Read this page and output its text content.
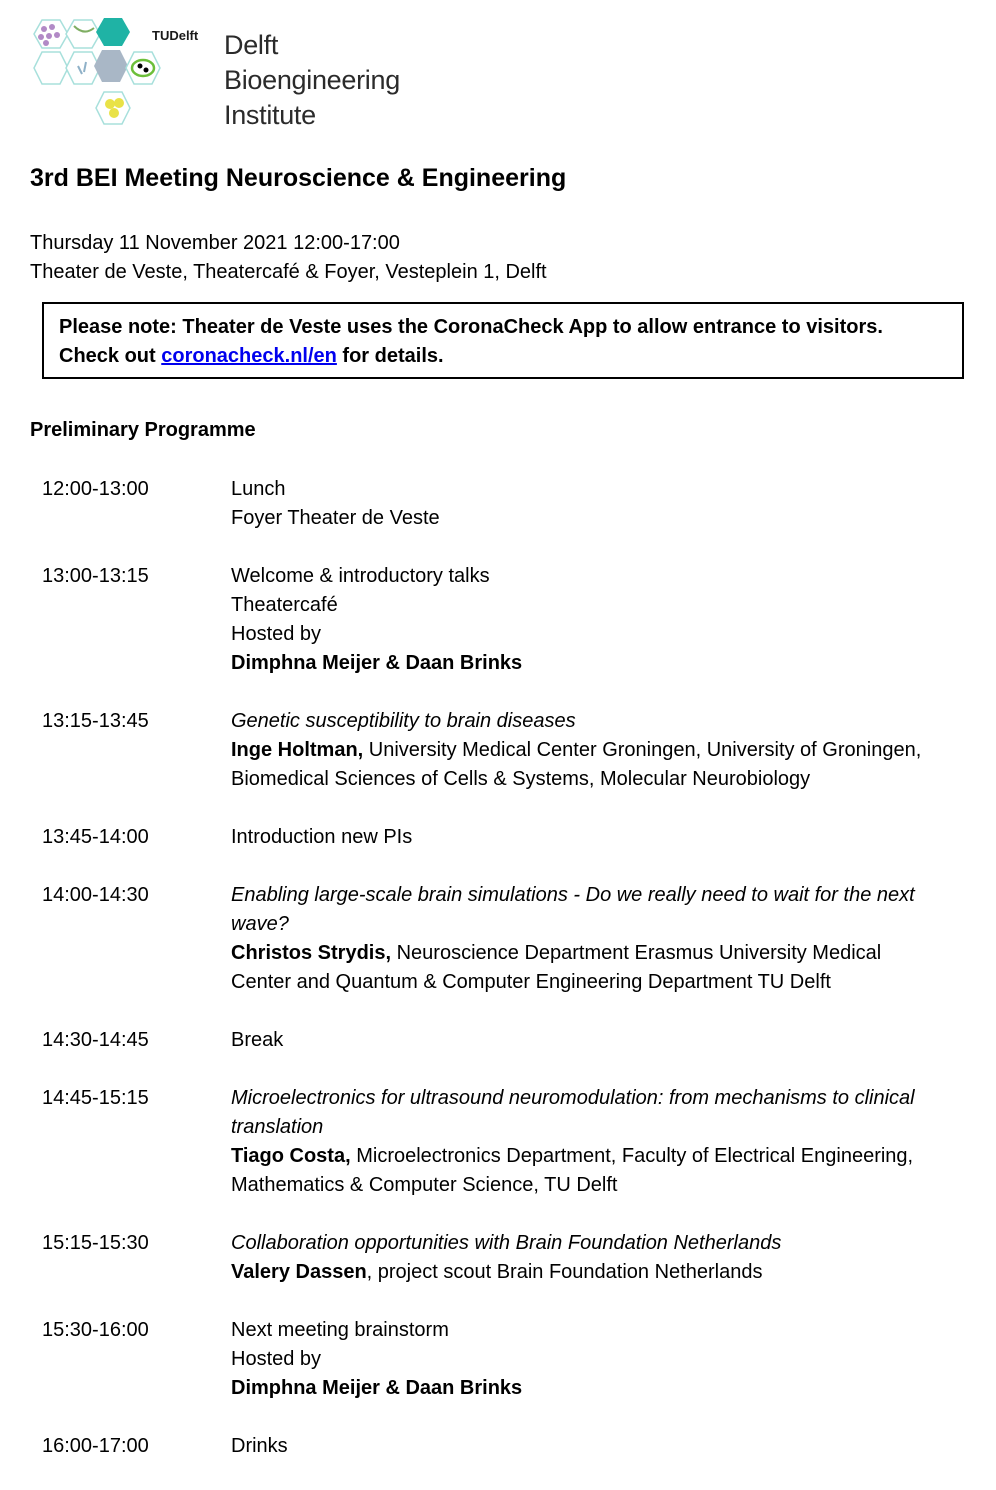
TUDelft Delft
Bioengineering
Institute
3rd BEI Meeting Neuroscience & Engineering
Thursday 11 November 2021 12:00-17:00
Theater de Veste, Theatercafé & Foyer, Vesteplein 1, Delft
Please note: Theater de Veste uses the CoronaCheck App to allow entrance to visitors.
Check out coronacheck.nl/en for details.
Preliminary Programme
12:00-13:00	Lunch
Foyer Theater de Veste
13:00-13:15	Welcome & introductory talks
Theatercafé
Hosted by
Dimphna Meijer & Daan Brinks
13:15-13:45	Genetic susceptibility to brain diseases
Inge Holtman, University Medical Center Groningen, University of Groningen, Biomedical Sciences of Cells & Systems, Molecular Neurobiology
13:45-14:00	Introduction new PIs
14:00-14:30	Enabling large-scale brain simulations - Do we really need to wait for the next wave?
Christos Strydis, Neuroscience Department Erasmus University Medical Center and Quantum & Computer Engineering Department TU Delft
14:30-14:45	Break
14:45-15:15	Microelectronics for ultrasound neuromodulation: from mechanisms to clinical translation
Tiago Costa, Microelectronics Department, Faculty of Electrical Engineering, Mathematics & Computer Science, TU Delft
15:15-15:30	Collaboration opportunities with Brain Foundation Netherlands
Valery Dassen, project scout Brain Foundation Netherlands
15:30-16:00	Next meeting brainstorm
Hosted by
Dimphna Meijer & Daan Brinks
16:00-17:00	Drinks
